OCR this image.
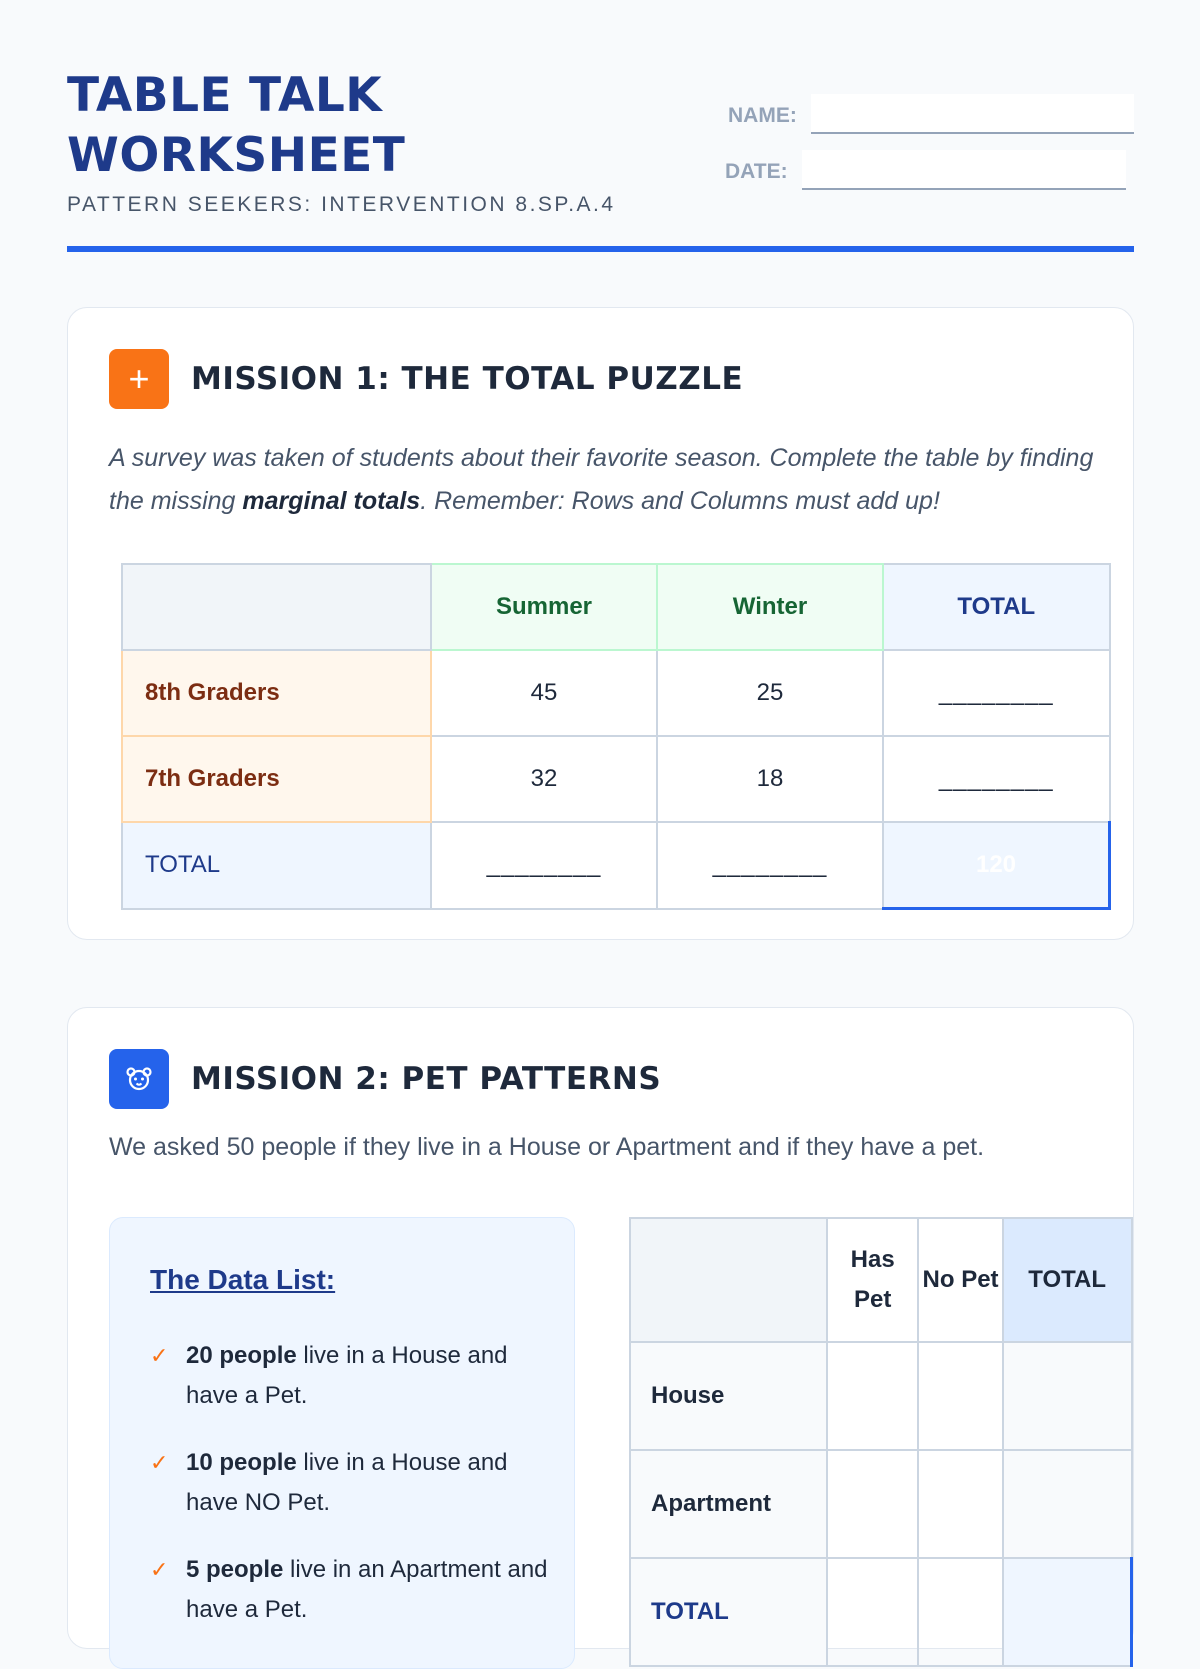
TABLE TALK WORKSHEET
PATTERN SEEKERS: INTERVENTION 8.SP.A.4
NAME:
DATE:
+	MISSION 1: THE TOTAL PUZZLE
A survey was taken of students about their favorite season. Complete the table by finding the missing marginal totals. Remember: Rows and Columns must add up!
	Summer	Winter	TOTAL
8th Graders	45	25	________
7th Graders	32	18	________
TOTAL	________	________	120
MISSION 2: PET PATTERNS
We asked 50 people if they live in a House or Apartment and if they have a pet.
The Data List:
✓ 20 people live in a House and have a Pet.
✓ 10 people live in a House and have NO Pet.
✓ 5 people live in an Apartment and have a Pet.
	Has Pet	No Pet	TOTAL
House			
Apartment			
TOTAL			
